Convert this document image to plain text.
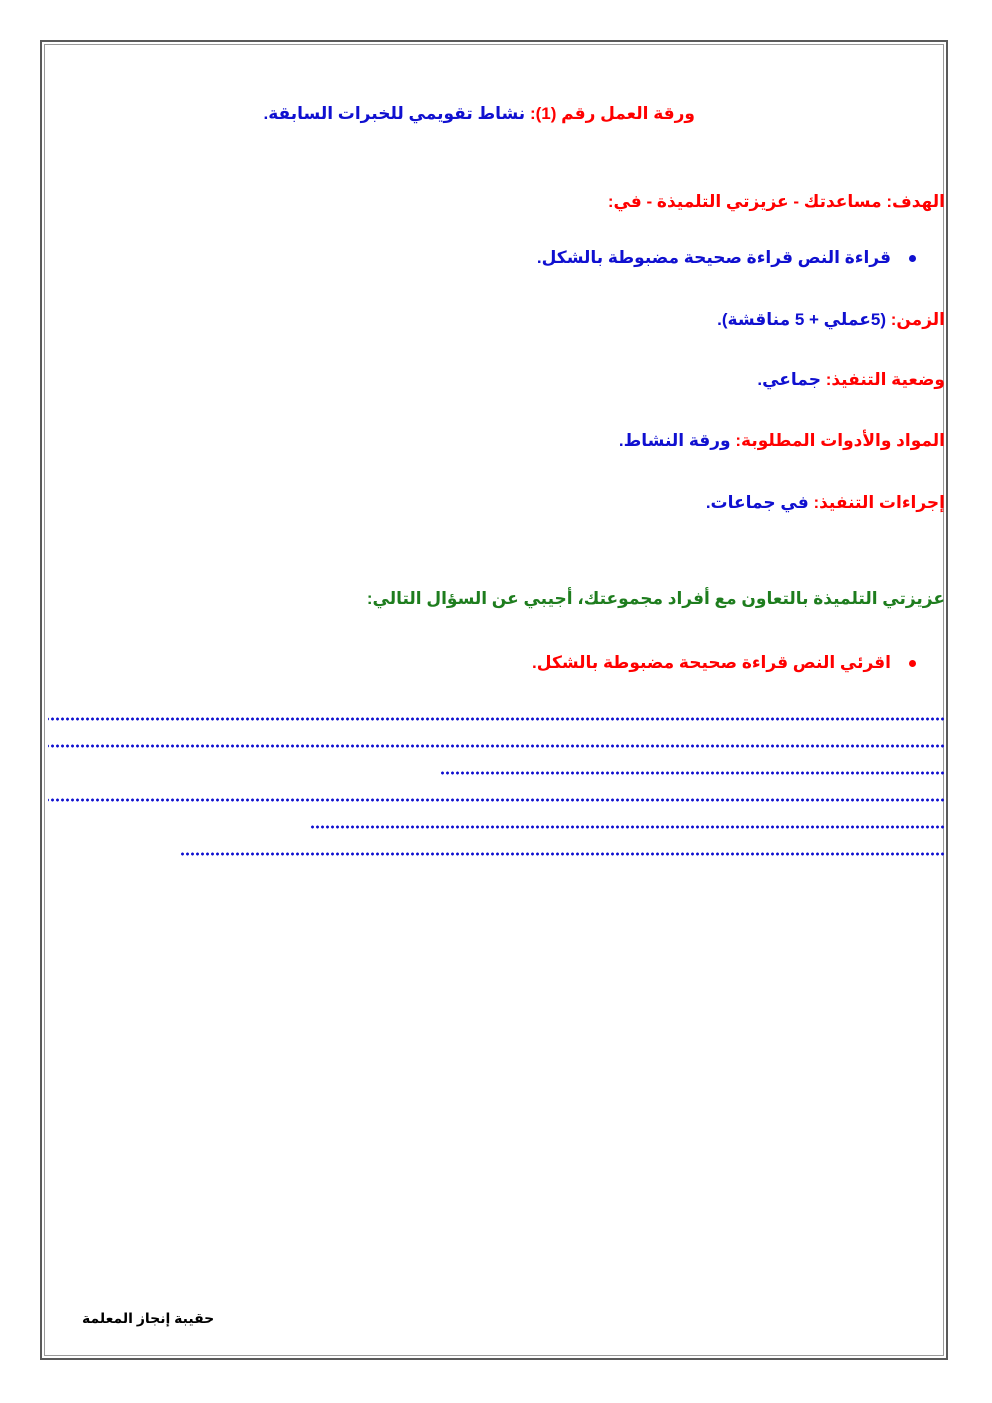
ورقة العمل رقم (1): نشاط تقويمي للخبرات السابقة.
الهدف: مساعدتك - عزيزتي التلميذة - في:
قراءة النص قراءة صحيحة مضبوطة بالشكل.
الزمن: (5عملي + 5 مناقشة).
وضعية التنفيذ: جماعي.
المواد والأدوات المطلوبة: ورقة النشاط.
إجراءات التنفيذ: في جماعات.
عزيزتي التلميذة بالتعاون مع أفراد مجموعتك، أجيبي عن السؤال التالي:
اقرئي النص قراءة صحيحة مضبوطة بالشكل.
حقيبة إنجاز المعلمة
